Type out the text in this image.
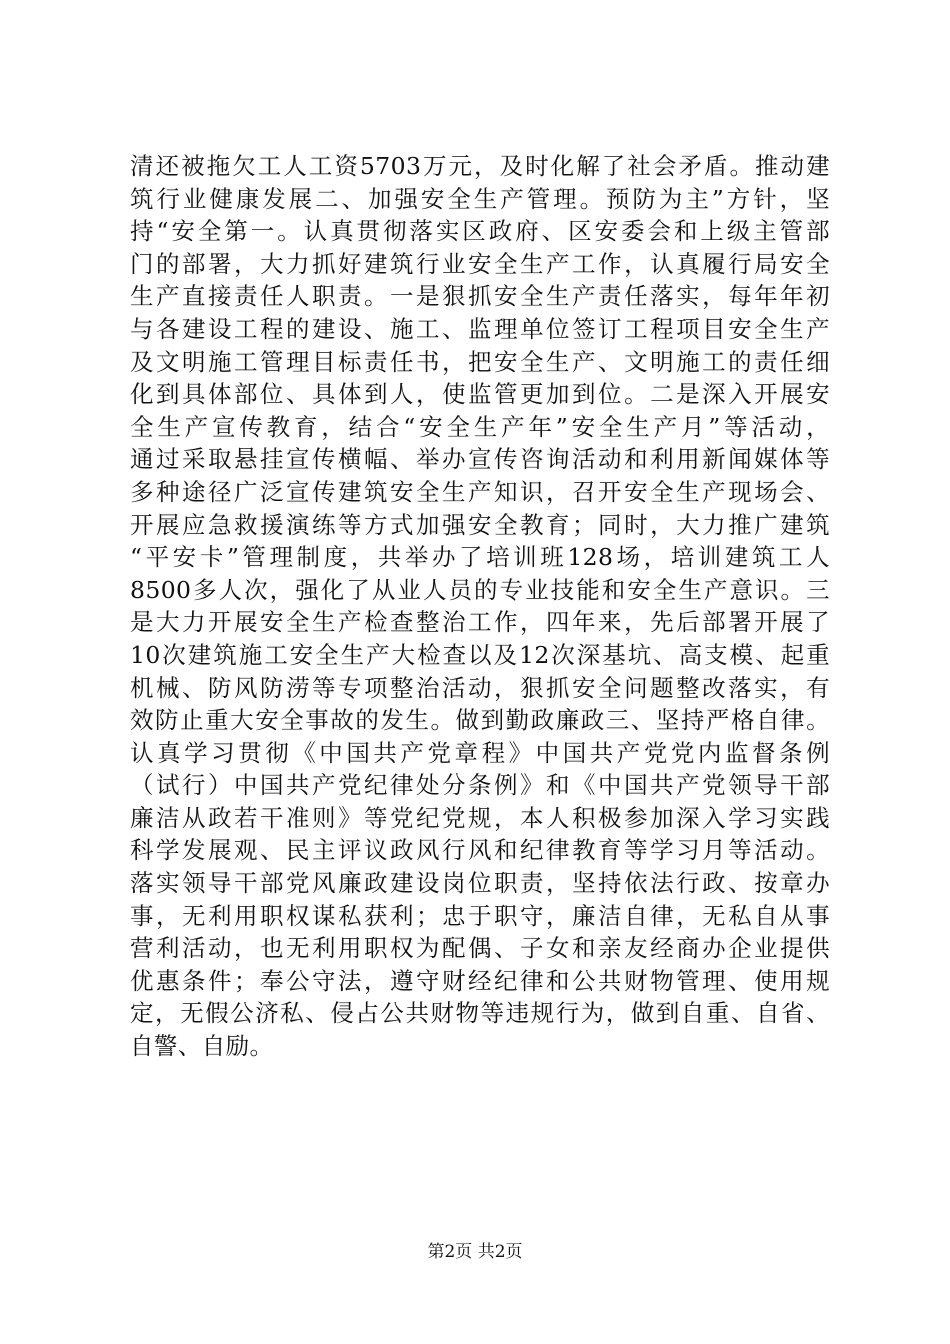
清还被拖欠工人工资5703万元，及时化解了社会矛盾。推动建
筑行业健康发展二、加强安全生产管理。预防为主”方针，坚
持“安全第一。认真贯彻落实区政府、区安委会和上级主管部
门的部署，大力抓好建筑行业安全生产工作，认真履行局安全
生产直接责任人职责。一是狠抓安全生产责任落实，每年年初
与各建设工程的建设、施工、监理单位签订工程项目安全生产
及文明施工管理目标责任书，把安全生产、文明施工的责任细
化到具体部位、具体到人，使监管更加到位。二是深入开展安
全生产宣传教育，结合“安全生产年”安全生产月”等活动，
通过采取悬挂宣传横幅、举办宣传咨询活动和利用新闻媒体等
多种途径广泛宣传建筑安全生产知识，召开安全生产现场会、
开展应急救援演练等方式加强安全教育；同时，大力推广建筑
“平安卡”管理制度，共举办了培训班128场，培训建筑工人
8500多人次，强化了从业人员的专业技能和安全生产意识。三
是大力开展安全生产检查整治工作，四年来，先后部署开展了
10次建筑施工安全生产大检查以及12次深基坑、高支模、起重
机械、防风防涝等专项整治活动，狠抓安全问题整改落实，有
效防止重大安全事故的发生。做到勤政廉政三、坚持严格自律。
认真学习贯彻《中国共产党章程》中国共产党党内监督条例
（试行）中国共产党纪律处分条例》和《中国共产党领导干部
廉洁从政若干准则》等党纪党规，本人积极参加深入学习实践
科学发展观、民主评议政风行风和纪律教育等学习月等活动。
落实领导干部党风廉政建设岗位职责，坚持依法行政、按章办
事，无利用职权谋私获利；忠于职守，廉洁自律，无私自从事
营利活动，也无利用职权为配偶、子女和亲友经商办企业提供
优惠条件；奉公守法，遵守财经纪律和公共财物管理、使用规
定，无假公济私、侵占公共财物等违规行为，做到自重、自省、
自警、自励。
第2页 共2页
